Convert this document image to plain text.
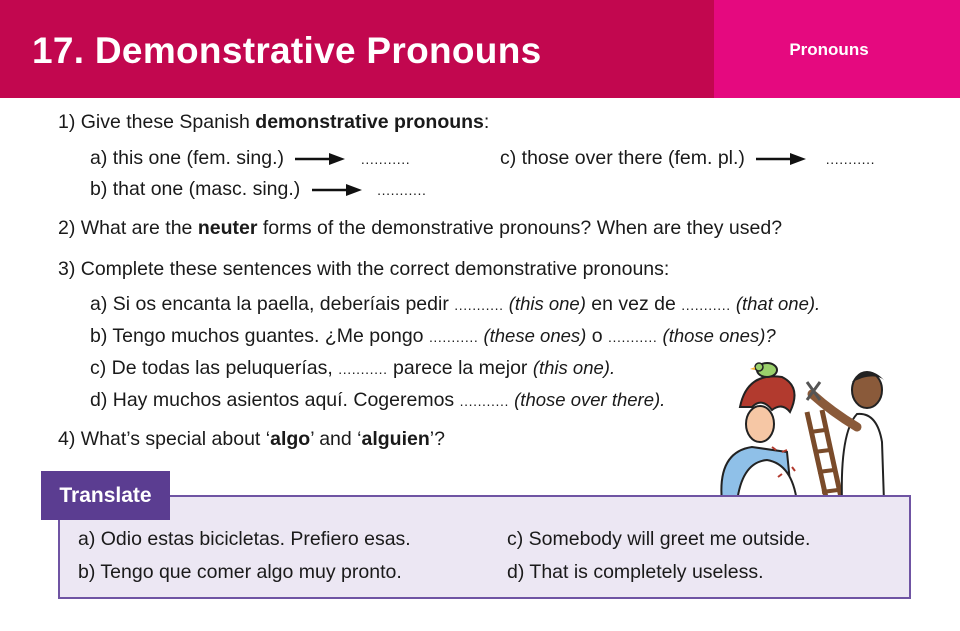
17. Demonstrative Pronouns	Pronouns
1) Give these Spanish demonstrative pronouns:
a) this one (fem. sing.)	...........
b) that one (masc. sing.)	...........
c) those over there (fem. pl.)	...........
2) What are the neuter forms of the demonstrative pronouns? When are they used?
3) Complete these sentences with the correct demonstrative pronouns:
a) Si os encanta la paella, deberíais pedir ........... (this one) en vez de ........... (that one).
b) Tengo muchos guantes. ¿Me pongo ........... (these ones) o ........... (those ones)?
c) De todas las peluquerías, ........... parece la mejor (this one).
d) Hay muchos asientos aquí. Cogeremos ........... (those over there).
4) What’s special about ‘algo’ and ‘alguien’?
Translate
a) Odio estas bicicletas. Prefiero esas.
b) Tengo que comer algo muy pronto.
c) Somebody will greet me outside.
d) That is completely useless.
